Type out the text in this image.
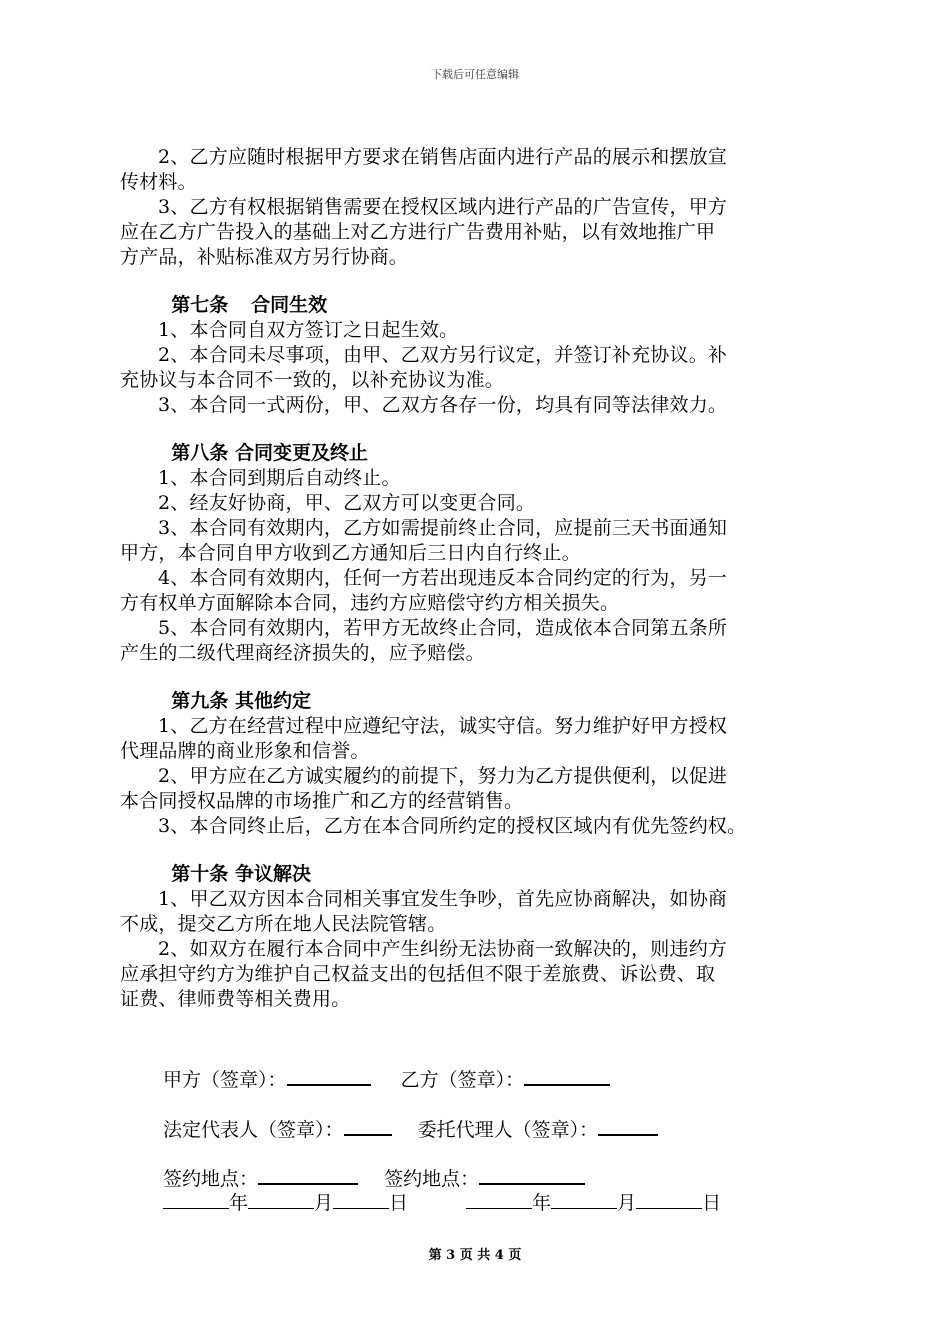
下载后可任意编辑

2、乙方应随时根据甲方要求在销售店面内进行产品的展示和摆放宣

传材料。

3、乙方有权根据销售需要在授权区域内进行产品的广告宣传，甲方

应在乙方广告投入的基础上对乙方进行广告费用补贴，以有效地推广甲

方产品，补贴标准双方另行协商。

第七条 合同生效

1、本合同自双方签订之日起生效。

2、本合同未尽事项，由甲、乙双方另行议定，并签订补充协议。补

充协议与本合同不一致的，以补充协议为准。

3、本合同一式两份，甲、乙双方各存一份，均具有同等法律效力。

第八条 合同变更及终止

1、本合同到期后自动终止。

2、经友好协商，甲、乙双方可以变更合同。

3、本合同有效期内，乙方如需提前终止合同，应提前三天书面通知

甲方，本合同自甲方收到乙方通知后三日内自行终止。

4、本合同有效期内，任何一方若出现违反本合同约定的行为，另一

方有权单方面解除本合同，违约方应赔偿守约方相关损失。

5、本合同有效期内，若甲方无故终止合同，造成依本合同第五条所

产生的二级代理商经济损失的，应予赔偿。

第九条 其他约定

1、乙方在经营过程中应遵纪守法，诚实守信。努力维护好甲方授权

代理品牌的商业形象和信誉。

2、甲方应在乙方诚实履约的前提下，努力为乙方提供便利，以促进

本合同授权品牌的市场推广和乙方的经营销售。

3、本合同终止后，乙方在本合同所约定的授权区域内有优先签约权。

第十条 争议解决

1、甲乙双方因本合同相关事宜发生争吵，首先应协商解决，如协商

不成，提交乙方所在地人民法院管辖。

2、如双方在履行本合同中产生纠纷无法协商一致解决的，则违约方

应承担守约方为维护自己权益支出的包括但不限于差旅费、诉讼费、取

证费、律师费等相关费用。

甲方（签章）：	乙方（签章）：
法定代表人（签章）：	委托代理人（签章）：
签约地点：	签约地点：
年	月	日	年	月	日
第 3 页 共 4 页
